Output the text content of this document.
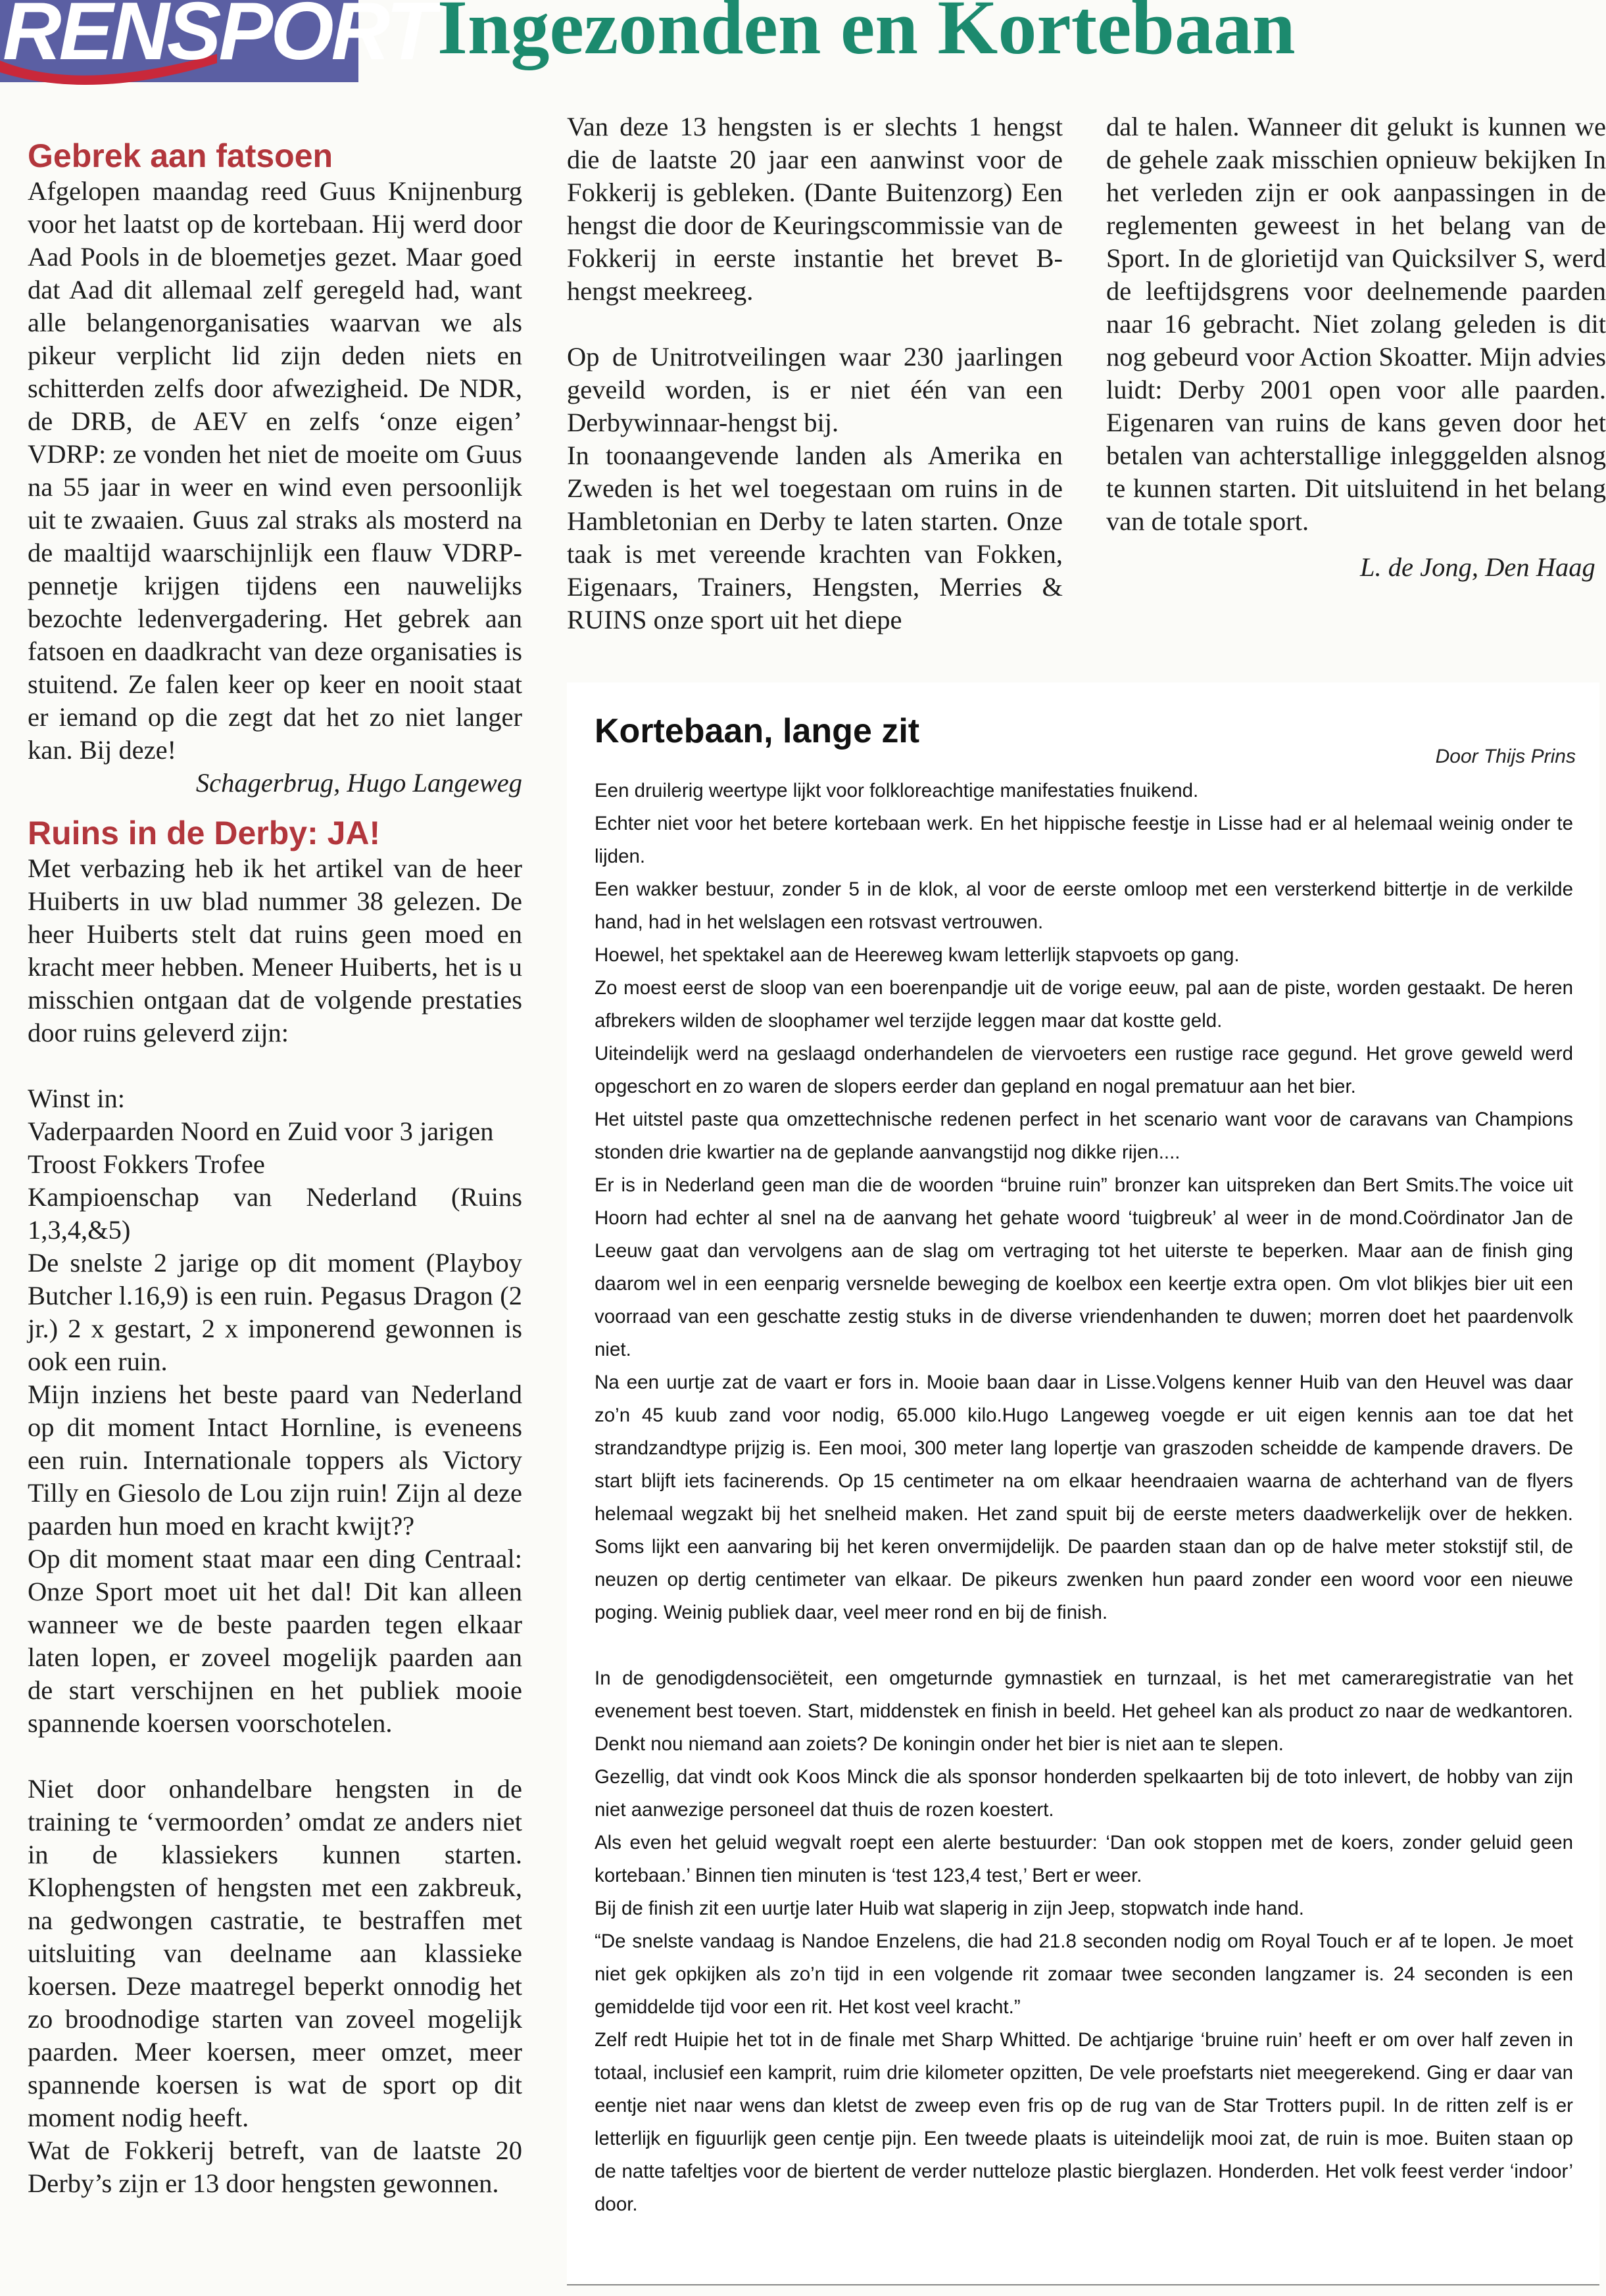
RENSPORT Ingezonden en Kortebaan
Gebrek aan fatsoen

Afgelopen maandag reed Guus Knijnenburg voor het laatst op de kortebaan. Hij werd door Aad Pools in de bloemetjes gezet. Maar goed dat Aad dit allemaal zelf geregeld had, want alle belangenorganisaties waarvan we als pikeur verplicht lid zijn deden niets en schitterden zelfs door afwezigheid. De NDR, de DRB, de AEV en zelfs ‘onze eigen’ VDRP: ze vonden het niet de moeite om Guus na 55 jaar in weer en wind even persoonlijk uit te zwaaien. Guus zal straks als mosterd na de maaltijd waarschijnlijk een flauw VDRP-pennetje krijgen tijdens een nauwelijks bezochte ledenvergadering. Het gebrek aan fatsoen en daadkracht van deze organisaties is stuitend. Ze falen keer op keer en nooit staat er iemand op die zegt dat het zo niet langer kan. Bij deze!

Schagerbrug, Hugo Langeweg

Ruins in de Derby: JA!

Met verbazing heb ik het artikel van de heer Huiberts in uw blad nummer 38 gelezen. De heer Huiberts stelt dat ruins geen moed en kracht meer hebben. Meneer Huiberts, het is u misschien ontgaan dat de volgende prestaties door ruins geleverd zijn:

Winst in:

Vaderpaarden Noord en Zuid voor 3 jarigen

Troost Fokkers Trofee

Kampioenschap van Nederland (Ruins 1,3,4,&5)

De snelste 2 jarige op dit moment (Playboy Butcher l.16,9) is een ruin. Pegasus Dragon (2 jr.) 2 x gestart, 2 x imponerend gewonnen is ook een ruin.

Mijn inziens het beste paard van Nederland op dit moment Intact Hornline, is eveneens een ruin. Internationale toppers als Victory Tilly en Giesolo de Lou zijn ruin! Zijn al deze paarden hun moed en kracht kwijt??

Op dit moment staat maar een ding Centraal: Onze Sport moet uit het dal! Dit kan alleen wanneer we de beste paarden tegen elkaar laten lopen, er zoveel mogelijk paarden aan de start verschijnen en het publiek mooie spannende koersen voorschotelen.

Niet door onhandelbare hengsten in de training te ‘vermoorden’ omdat ze anders niet in de klassiekers kunnen starten. Klophengsten of hengsten met een zakbreuk, na gedwongen castratie, te bestraffen met uitsluiting van deelname aan klassieke koersen. Deze maatregel beperkt onnodig het zo broodnodige starten van zoveel mogelijk paarden. Meer koersen, meer omzet, meer spannende koersen is wat de sport op dit moment nodig heeft.

Wat de Fokkerij betreft, van de laatste 20 Derby’s zijn er 13 door hengsten gewonnen.

Van deze 13 hengsten is er slechts 1 hengst die de laatste 20 jaar een aanwinst voor de Fokkerij is gebleken. (Dante Buitenzorg) Een hengst die door de Keuringscommissie van de Fokkerij in eerste instantie het brevet B-hengst meekreeg.

Op de Unitrotveilingen waar 230 jaarlingen geveild worden, is er niet één van een Derbywinnaar-hengst bij.

In toonaangevende landen als Amerika en Zweden is het wel toegestaan om ruins in de Hambletonian en Derby te laten starten. Onze taak is met vereende krachten van Fokken, Eigenaars, Trainers, Hengsten, Merries & RUINS onze sport uit het diepe

dal te halen. Wanneer dit gelukt is kunnen we de gehele zaak misschien opnieuw bekijken In het verleden zijn er ook aanpassingen in de reglementen geweest in het belang van de Sport. In de glorietijd van Quicksilver S, werd de leeftijdsgrens voor deelnemende paarden naar 16 gebracht. Niet zolang geleden is dit nog gebeurd voor Action Skoatter. Mijn advies luidt: Derby 2001 open voor alle paarden. Eigenaren van ruins de kans geven door het betalen van achterstallige inlegggelden alsnog te kunnen starten. Dit uitsluitend in het belang van de totale sport.

L. de Jong, Den Haag

Kortebaan, lange zit
Door Thijs Prins

Een druilerig weertype lijkt voor folkloreachtige manifestaties fnuikend.

Echter niet voor het betere kortebaan werk. En het hippische feestje in Lisse had er al helemaal weinig onder te lijden.

Een wakker bestuur, zonder 5 in de klok, al voor de eerste omloop met een versterkend bittertje in de verkilde hand, had in het welslagen een rotsvast vertrouwen.

Hoewel, het spektakel aan de Heereweg kwam letterlijk stapvoets op gang.

Zo moest eerst de sloop van een boerenpandje uit de vorige eeuw, pal aan de piste, worden gestaakt. De heren afbrekers wilden de sloophamer wel terzijde leggen maar dat kostte geld.

Uiteindelijk werd na geslaagd onderhandelen de viervoeters een rustige race gegund. Het grove geweld werd opgeschort en zo waren de slopers eerder dan gepland en nogal prematuur aan het bier.

Het uitstel paste qua omzettechnische redenen perfect in het scenario want voor de caravans van Champions stonden drie kwartier na de geplande aanvangstijd nog dikke rijen....

Er is in Nederland geen man die de woorden “bruine ruin” bronzer kan uitspreken dan Bert Smits.The voice uit Hoorn had echter al snel na de aanvang het gehate woord ‘tuigbreuk’ al weer in de mond.Coördinator Jan de Leeuw gaat dan vervolgens aan de slag om vertraging tot het uiterste te beperken. Maar aan de finish ging daarom wel in een eenparig versnelde beweging de koelbox een keertje extra open. Om vlot blikjes bier uit een voorraad van een geschatte zestig stuks in de diverse vriendenhanden te duwen; morren doet het paardenvolk niet.

Na een uurtje zat de vaart er fors in. Mooie baan daar in Lisse.Volgens kenner Huib van den Heuvel was daar zo’n 45 kuub zand voor nodig, 65.000 kilo.Hugo Langeweg voegde er uit eigen kennis aan toe dat het strandzandtype prijzig is. Een mooi, 300 meter lang lopertje van graszoden scheidde de kampende dravers. De start blijft iets facinerends. Op 15 centimeter na om elkaar heendraaien waarna de achterhand van de flyers helemaal wegzakt bij het snelheid maken. Het zand spuit bij de eerste meters daadwerkelijk over de hekken. Soms lijkt een aanvaring bij het keren onvermijdelijk. De paarden staan dan op de halve meter stokstijf stil, de neuzen op dertig centimeter van elkaar. De pikeurs zwenken hun paard zonder een woord voor een nieuwe poging. Weinig publiek daar, veel meer rond en bij de finish.

In de genodigdensociëteit, een omgeturnde gymnastiek en turnzaal, is het met cameraregistratie van het evenement best toeven. Start, middenstek en finish in beeld. Het geheel kan als product zo naar de wedkantoren. Denkt nou niemand aan zoiets? De koningin onder het bier is niet aan te slepen.

Gezellig, dat vindt ook Koos Minck die als sponsor honderden spelkaarten bij de toto inlevert, de hobby van zijn niet aanwezige personeel dat thuis de rozen koestert.

Als even het geluid wegvalt roept een alerte bestuurder: ‘Dan ook stoppen met de koers, zonder geluid geen kortebaan.’ Binnen tien minuten is ‘test 123,4 test,’ Bert er weer.

Bij de finish zit een uurtje later Huib wat slaperig in zijn Jeep, stopwatch inde hand.

“De snelste vandaag is Nandoe Enzelens, die had 21.8 seconden nodig om Royal Touch er af te lopen. Je moet niet gek opkijken als zo’n tijd in een volgende rit zomaar twee seconden langzamer is. 24 seconden is een gemiddelde tijd voor een rit. Het kost veel kracht.”

Zelf redt Huipie het tot in de finale met Sharp Whitted. De achtjarige ‘bruine ruin’ heeft er om over half zeven in totaal, inclusief een kamprit, ruim drie kilometer opzitten, De vele proefstarts niet meegerekend. Ging er daar van eentje niet naar wens dan kletst de zweep even fris op de rug van de Star Trotters pupil. In de ritten zelf is er letterlijk en figuurlijk geen centje pijn. Een tweede plaats is uiteindelijk mooi zat, de ruin is moe. Buiten staan op de natte tafeltjes voor de biertent de verder nutteloze plastic bierglazen. Honderden. Het volk feest verder ‘indoor’ door.
